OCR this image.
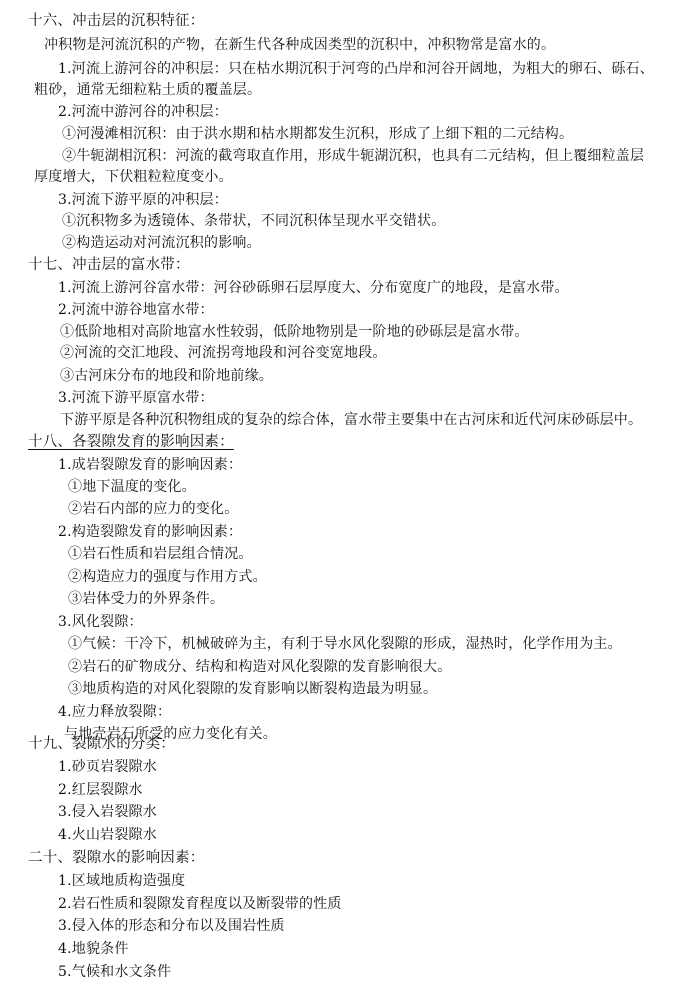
十六、冲击层的沉积特征：
冲积物是河流沉积的产物，在新生代各种成因类型的沉积中，冲积物常是富水的。
1.河流上游河谷的冲积层：只在枯水期沉积于河弯的凸岸和河谷开阔地，为粗大的卵石、砾石、
粗砂，通常无细粒粘土质的覆盖层。
2.河流中游河谷的冲积层：
①河漫滩相沉积：由于洪水期和枯水期都发生沉积，形成了上细下粗的二元结构。
②牛轭湖相沉积：河流的截弯取直作用，形成牛轭湖沉积，也具有二元结构，但上覆细粒盖层
厚度增大，下伏粗粒粒度变小。
3.河流下游平原的冲积层：
①沉积物多为透镜体、条带状，不同沉积体呈现水平交错状。
②构造运动对河流沉积的影响。
十七、冲击层的富水带：
1.河流上游河谷富水带：河谷砂砾卵石层厚度大、分布宽度广的地段，是富水带。
2.河流中游谷地富水带：
①低阶地相对高阶地富水性较弱，低阶地物别是一阶地的砂砾层是富水带。
②河流的交汇地段、河流拐弯地段和河谷变宽地段。
③古河床分布的地段和阶地前缘。
3.河流下游平原富水带：
下游平原是各种沉积物组成的复杂的综合体，富水带主要集中在古河床和近代河床砂砾层中。
十八、各裂隙发育的影响因素：
1.成岩裂隙发育的影响因素：
①地下温度的变化。
②岩石内部的应力的变化。
2.构造裂隙发育的影响因素：
①岩石性质和岩层组合情况。
②构造应力的强度与作用方式。
③岩体受力的外界条件。
3.风化裂隙：
①气候：干冷下，机械破碎为主，有利于导水风化裂隙的形成，湿热时，化学作用为主。
②岩石的矿物成分、结构和构造对风化裂隙的发育影响很大。
③地质构造的对风化裂隙的发育影响以断裂构造最为明显。
4.应力释放裂隙：
与地壳岩石所受的应力变化有关。
十九、裂隙水的分类：
1.砂页岩裂隙水
2.红层裂隙水
3.侵入岩裂隙水
4.火山岩裂隙水
二十、裂隙水的影响因素：
1.区域地质构造强度
2.岩石性质和裂隙发育程度以及断裂带的性质
3.侵入体的形态和分布以及围岩性质
4.地貌条件
5.气候和水文条件
